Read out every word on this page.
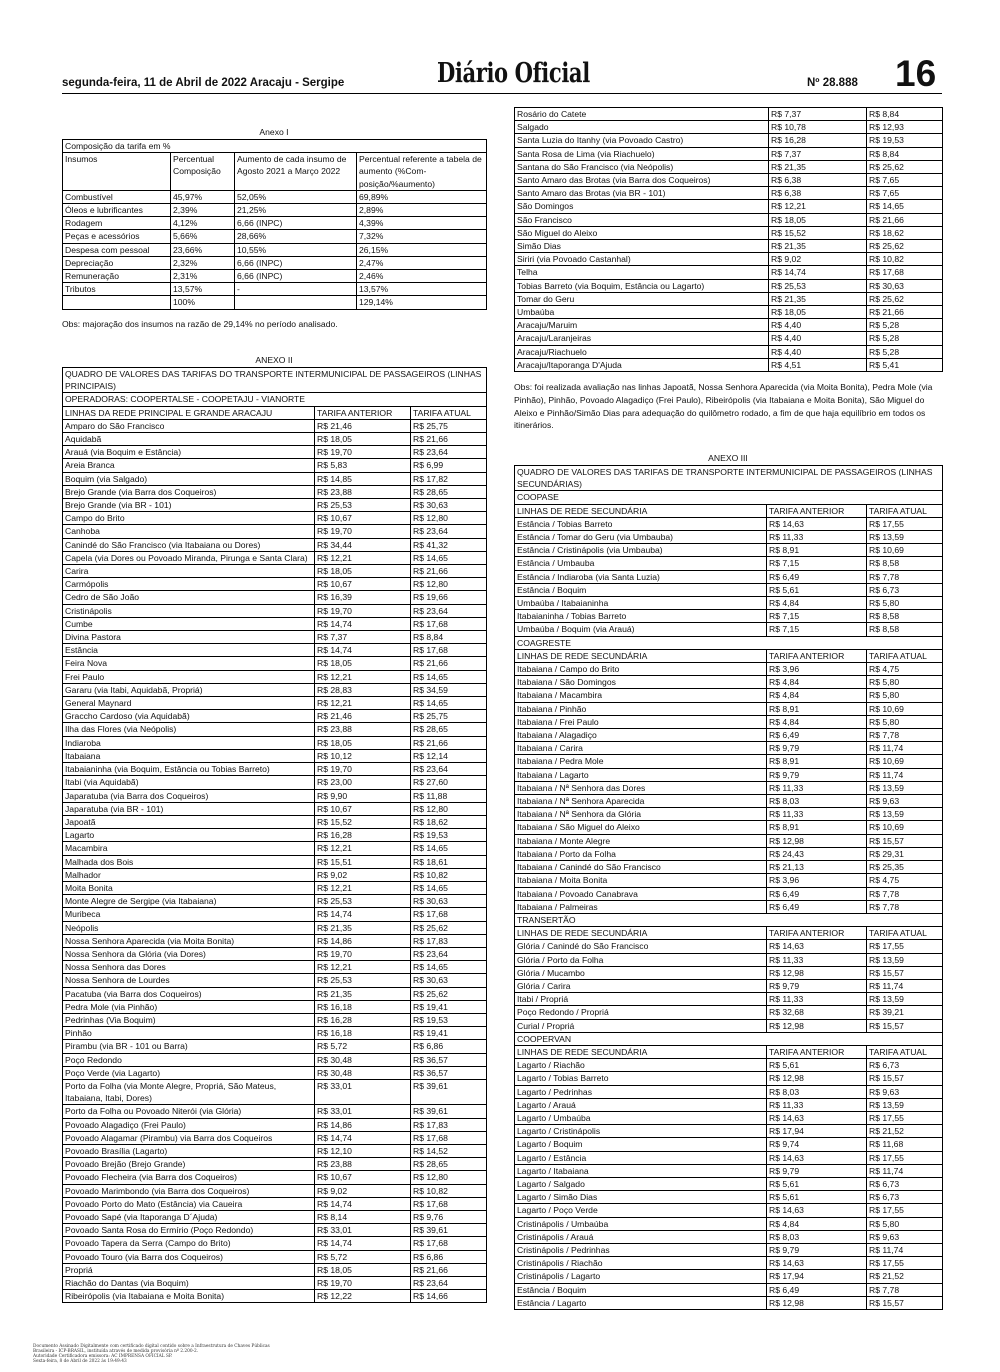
segunda-feira, 11 de Abril de 2022 Aracaju - Sergipe	Diário Oficial	Nº 28.888 16
Anexo I
Composição da tarifa em %			
Insumos	Percentual Composição	Aumento de cada insumo de Agosto 2021 a Março 2022	Percentual referente a tabela de aumento (%Com-posição/%aumento)
Combustível	45,97%	52,05%	69,89%
Óleos e lubrificantes	2,39%	21,25%	2,89%
Rodagem	4,12%	6,66 (INPC)	4,39%
Peças e acessórios	5,66%	28,66%	7,32%
Despesa com pessoal	23,66%	10,55%	26,15%
Depreciação	2,32%	6,66 (INPC)	2,47%
Remuneração	2,31%	6,66 (INPC)	2,46%
Tributos	13,57%	-	13,57%
	100%		129,14%
Obs: majoração dos insumos na razão de 29,14% no período analisado.
ANEXO II
QUADRO DE VALORES DAS TARIFAS DO TRANSPORTE INTERMUNICIPAL DE PASSAGEIROS (LINHAS PRINCIPAIS)		
OPERADORAS: COOPERTALSE - COOPETAJU - VIANORTE		
LINHAS DA REDE PRINCIPAL E GRANDE ARACAJU	TARIFA ANTERIOR	TARIFA ATUAL
Amparo do São Francisco	R$ 21,46	R$ 25,75
Aquidabã	R$ 18,05	R$ 21,66
Arauá (via Boquim e Estância)	R$ 19,70	R$ 23,64
Areia Branca	R$ 5,83	R$ 6,99
Boquim (via Salgado)	R$ 14,85	R$ 17,82
Brejo Grande (via Barra dos Coqueiros)	R$ 23,88	R$ 28,65
Brejo Grande (via BR - 101)	R$ 25,53	R$ 30,63
Campo do Brito	R$ 10,67	R$ 12,80
Canhoba	R$ 19,70	R$ 23,64
Canindé do São Francisco (via Itabaiana ou Dores)	R$ 34,44	R$ 41,32
Capela (via Dores ou Povoado Miranda, Pirunga e Santa Clara)	R$ 12,21	R$ 14,65
Carira	R$ 18,05	R$ 21,66
Carmópolis	R$ 10,67	R$ 12,80
Cedro de São João	R$ 16,39	R$ 19,66
Cristinápolis	R$ 19,70	R$ 23,64
Cumbe	R$ 14,74	R$ 17,68
Divina Pastora	R$ 7,37	R$ 8,84
Estância	R$ 14,74	R$ 17,68
Feira Nova	R$ 18,05	R$ 21,66
Frei Paulo	R$ 12,21	R$ 14,65
Gararu (via Itabi, Aquidabã, Propriá)	R$ 28,83	R$ 34,59
General Maynard	R$ 12,21	R$ 14,65
Graccho Cardoso (via Aquidabã)	R$ 21,46	R$ 25,75
Ilha das Flores (via Neópolis)	R$ 23,88	R$ 28,65
Indiaroba	R$ 18,05	R$ 21,66
Itabaiana	R$ 10,12	R$ 12,14
Itabaianinha (via Boquim, Estância ou Tobias Barreto)	R$ 19,70	R$ 23,64
Itabi (via Aquidabã)	R$ 23,00	R$ 27,60
Japaratuba (via Barra dos Coqueiros)	R$ 9,90	R$ 11,88
Japaratuba (via BR - 101)	R$ 10,67	R$ 12,80
Japoatã	R$ 15,52	R$ 18,62
Lagarto	R$ 16,28	R$ 19,53
Macambira	R$ 12,21	R$ 14,65
Malhada dos Bois	R$ 15,51	R$ 18,61
Malhador	R$ 9,02	R$ 10,82
Moita Bonita	R$ 12,21	R$ 14,65
Monte Alegre de Sergipe (via Itabaiana)	R$ 25,53	R$ 30,63
Muribeca	R$ 14,74	R$ 17,68
Neópolis	R$ 21,35	R$ 25,62
Nossa Senhora Aparecida (via Moita Bonita)	R$ 14,86	R$ 17,83
Nossa Senhora da Glória (via Dores)	R$ 19,70	R$ 23,64
Nossa Senhora das Dores	R$ 12,21	R$ 14,65
Nossa Senhora de Lourdes	R$ 25,53	R$ 30,63
Pacatuba (via Barra dos Coqueiros)	R$ 21,35	R$ 25,62
Pedra Mole (via Pinhão)	R$ 16,18	R$ 19,41
Pedrinhas (Via Boquim)	R$ 16,28	R$ 19,53
Pinhão	R$ 16,18	R$ 19,41
Pirambu (via BR - 101 ou Barra)	R$ 5,72	R$ 6,86
Poço Redondo	R$ 30,48	R$ 36,57
Poço Verde (via Lagarto)	R$ 30,48	R$ 36,57
Porto da Folha (via Monte Alegre, Propriá, São Mateus, Itabaiana, Itabi, Dores)	R$ 33,01	R$ 39,61
Porto da Folha ou Povoado Niterói (via Glória)	R$ 33,01	R$ 39,61
Povoado Alagadiço (Frei Paulo)	R$ 14,86	R$ 17,83
Povoado Alagamar (Pirambu) via Barra dos Coqueiros	R$ 14,74	R$ 17,68
Povoado Brasília (Lagarto)	R$ 12,10	R$ 14,52
Povoado Brejão (Brejo Grande)	R$ 23,88	R$ 28,65
Povoado Flecheira (via Barra dos Coqueiros)	R$ 10,67	R$ 12,80
Povoado Marimbondo (via Barra dos Coqueiros)	R$ 9,02	R$ 10,82
Povoado Porto do Mato (Estância) via Caueira	R$ 14,74	R$ 17,68
Povoado Sapé (via Itaporanga D´Ajuda)	R$ 8,14	R$ 9,76
Povoado Santa Rosa do Ermírio (Poço Redondo)	R$ 33,01	R$ 39,61
Povoado Tapera da Serra (Campo do Brito)	R$ 14,74	R$ 17,68
Povoado Touro (via Barra dos Coqueiros)	R$ 5,72	R$ 6,86
Propriá	R$ 18,05	R$ 21,66
Riachão do Dantas (via Boquim)	R$ 19,70	R$ 23,64
Ribeirópolis (via Itabaiana e Moita Bonita)	R$ 12,22	R$ 14,66
Rosário do Catete	R$ 7,37	R$ 8,84
Salgado	R$ 10,78	R$ 12,93
Santa Luzia do Itanhy (via Povoado Castro)	R$ 16,28	R$ 19,53
Santa Rosa de Lima (via Riachuelo)	R$ 7,37	R$ 8,84
Santana do São Francisco (via Neópolis)	R$ 21,35	R$ 25,62
Santo Amaro das Brotas (via Barra dos Coqueiros)	R$ 6,38	R$ 7,65
Santo Amaro das Brotas (via BR - 101)	R$ 6,38	R$ 7,65
São Domingos	R$ 12,21	R$ 14,65
São Francisco	R$ 18,05	R$ 21,66
São Miguel do Aleixo	R$ 15,52	R$ 18,62
Simão Dias	R$ 21,35	R$ 25,62
Siriri (via Povoado Castanhal)	R$ 9,02	R$ 10,82
Telha	R$ 14,74	R$ 17,68
Tobias Barreto (via Boquim, Estância ou Lagarto)	R$ 25,53	R$ 30,63
Tomar do Geru	R$ 21,35	R$ 25,62
Umbaúba	R$ 18,05	R$ 21,66
Aracaju/Maruim	R$ 4,40	R$ 5,28
Aracaju/Laranjeiras	R$ 4,40	R$ 5,28
Aracaju/Riachuelo	R$ 4,40	R$ 5,28
Aracaju/Itaporanga D'Ajuda	R$ 4,51	R$ 5,41
Obs: foi realizada avaliação nas linhas Japoatã, Nossa Senhora Aparecida (via Moita Bonita), Pedra Mole (via Pinhão), Pinhão, Povoado Alagadiço (Frei Paulo), Ribeirópolis (via Itabaiana e Moita Bonita), São Miguel do Aleixo e Pinhão/Simão Dias para adequação do quilômetro rodado, a fim de que haja equilíbrio em todos os itinerários.
ANEXO III
QUADRO DE VALORES DAS TARIFAS DE TRANSPORTE INTERMUNICIPAL DE PASSAGEIROS (LINHAS SECUNDÁRIAS)		
COOPASE		
LINHAS DE REDE SECUNDÁRIA	TARIFA ANTERIOR	TARIFA ATUAL
Estância / Tobias Barreto	R$ 14,63	R$ 17,55
Estância / Tomar do Geru (via Umbauba)	R$ 11,33	R$ 13,59
Estância / Cristinápolis (via Umbauba)	R$ 8,91	R$ 10,69
Estância / Umbauba	R$ 7,15	R$ 8,58
Estância / Indiaroba (via Santa Luzia)	R$ 6,49	R$ 7,78
Estância / Boquim	R$ 5,61	R$ 6,73
Umbaúba / Itabaianinha	R$ 4,84	R$ 5,80
Itabaianinha / Tobias Barreto	R$ 7,15	R$ 8,58
Umbaúba / Boquim (via Arauá)	R$ 7,15	R$ 8,58
COAGRESTE		
LINHAS DE REDE SECUNDÁRIA	TARIFA ANTERIOR	TARIFA ATUAL
Itabaiana / Campo do Brito	R$ 3,96	R$ 4,75
Itabaiana / São Domingos	R$ 4,84	R$ 5,80
Itabaiana / Macambira	R$ 4,84	R$ 5,80
Itabaiana / Pinhão	R$ 8,91	R$ 10,69
Itabaiana / Frei Paulo	R$ 4,84	R$ 5,80
Itabaiana / Alagadiço	R$ 6,49	R$ 7,78
Itabaiana / Carira	R$ 9,79	R$ 11,74
Itabaiana / Pedra Mole	R$ 8,91	R$ 10,69
Itabaiana / Lagarto	R$ 9,79	R$ 11,74
Itabaiana / Nª Senhora das Dores	R$ 11,33	R$ 13,59
Itabaiana / Nª Senhora Aparecida	R$ 8,03	R$ 9,63
Itabaiana / Nª Senhora da Glória	R$ 11,33	R$ 13,59
Itabaiana / São Miguel do Aleixo	R$ 8,91	R$ 10,69
Itabaiana / Monte Alegre	R$ 12,98	R$ 15,57
Itabaiana / Porto da Folha	R$ 24,43	R$ 29,31
Itabaiana / Canindé do São Francisco	R$ 21,13	R$ 25,35
Itabaiana / Moita Bonita	R$ 3,96	R$ 4,75
Itabaiana / Povoado Canabrava	R$ 6,49	R$ 7,78
Itabaiana / Palmeiras	R$ 6,49	R$ 7,78
TRANSERTÃO		
LINHAS DE REDE SECUNDÁRIA	TARIFA ANTERIOR	TARIFA ATUAL
Glória / Canindé do São Francisco	R$ 14,63	R$ 17,55
Glória / Porto da Folha	R$ 11,33	R$ 13,59
Glória / Mucambo	R$ 12,98	R$ 15,57
Glória / Carira	R$ 9,79	R$ 11,74
Itabi / Propriá	R$ 11,33	R$ 13,59
Poço Redondo / Propriá	R$ 32,68	R$ 39,21
Curial / Propriá	R$ 12,98	R$ 15,57
COOPERVAN		
LINHAS DE REDE SECUNDÁRIA	TARIFA ANTERIOR	TARIFA ATUAL
Lagarto / Riachão	R$ 5,61	R$ 6,73
Lagarto / Tobias Barreto	R$ 12,98	R$ 15,57
Lagarto / Pedrinhas	R$ 8,03	R$ 9,63
Lagarto / Arauá	R$ 11,33	R$ 13,59
Lagarto / Umbaúba	R$ 14,63	R$ 17,55
Lagarto / Cristinápolis	R$ 17,94	R$ 21,52
Lagarto / Boquim	R$ 9,74	R$ 11,68
Lagarto / Estância	R$ 14,63	R$ 17,55
Lagarto / Itabaiana	R$ 9,79	R$ 11,74
Lagarto / Salgado	R$ 5,61	R$ 6,73
Lagarto / Simão Dias	R$ 5,61	R$ 6,73
Lagarto / Poço Verde	R$ 14,63	R$ 17,55
Cristinápolis / Umbaúba	R$ 4,84	R$ 5,80
Cristinápolis / Arauá	R$ 8,03	R$ 9,63
Cristinápolis / Pedrinhas	R$ 9,79	R$ 11,74
Cristinápolis / Riachão	R$ 14,63	R$ 17,55
Cristinápolis / Lagarto	R$ 17,94	R$ 21,52
Estância / Boquim	R$ 6,49	R$ 7,78
Estância / Lagarto	R$ 12,98	R$ 15,57
Documento Assinado Digitalmente com certificado digital contido sobre a Infraestrutura de Chaves Públicas
Brasileira - ICP-BRASIL, instituída através de medida provisória nº 2.200-2.
Autoridade Certificadora emissora: AC IMPRENSA OFICIAL SP.
Sexta-feira, 8 de Abril de 2022 às 19:49:43
